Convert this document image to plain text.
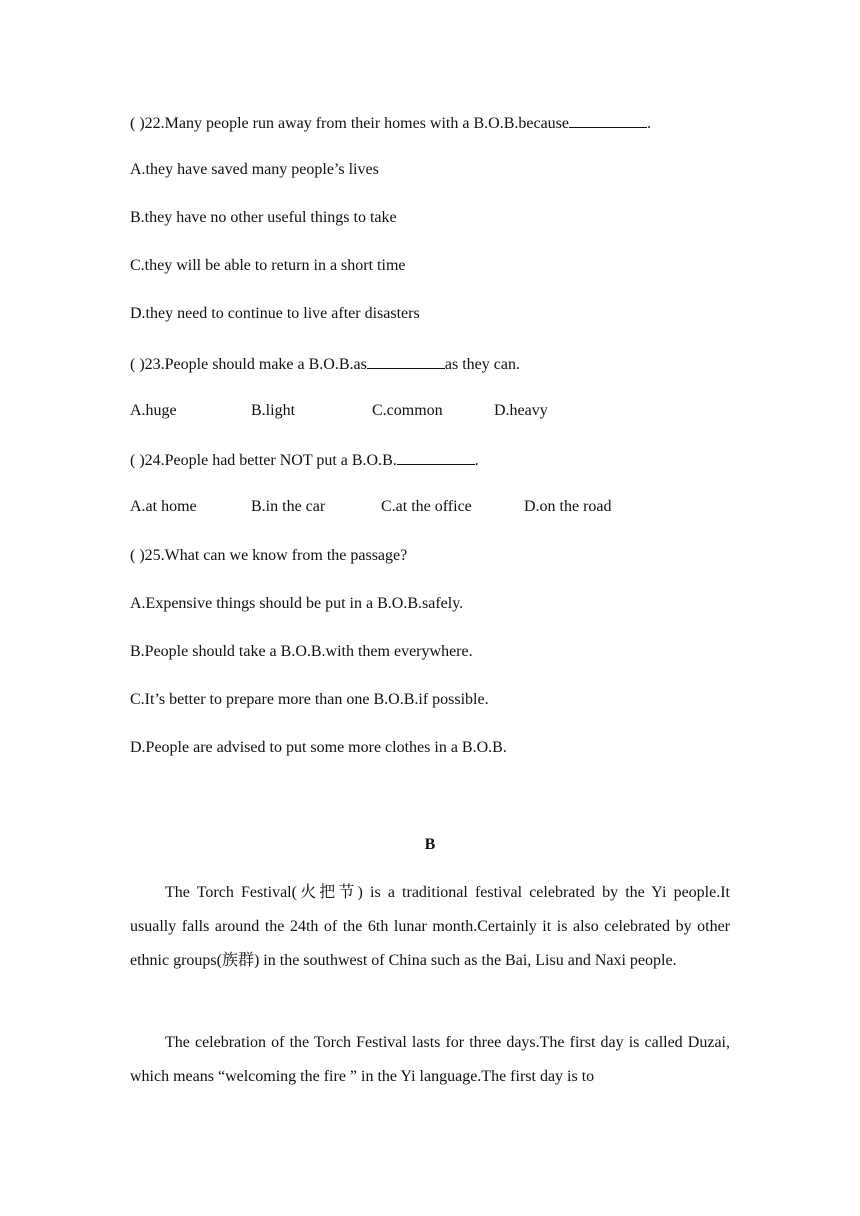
( )22.Many people run away from their homes with a B.O.B.because	.
A.they have saved many people’s lives
B.they have no other useful things to take
C.they will be able to return in a short time
D.they need to continue to live after disasters
( )23.People should make a B.O.B.as	as they can.
A.huge	B.light	C.common	D.heavy
( )24.People had better NOT put a B.O.B.	.
A.at home	B.in the car	C.at the office	D.on the road
( )25.What can we know from the passage?
A.Expensive things should be put in a B.O.B.safely.
B.People should take a B.O.B.with them everywhere.
C.It’s better to prepare more than one B.O.B.if possible.
D.People are advised to put some more clothes in a B.O.B.
B

The Torch Festival(火把节) is a traditional festival celebrated by the Yi people.It usually falls around the 24th of the 6th lunar month.Certainly it is also celebrated by other ethnic groups(族群) in the southwest of China such as the Bai, Lisu and Naxi people.

The celebration of the Torch Festival lasts for three days.The first day is called Duzai, which means “welcoming the fire ” in the Yi language.The first day is to
